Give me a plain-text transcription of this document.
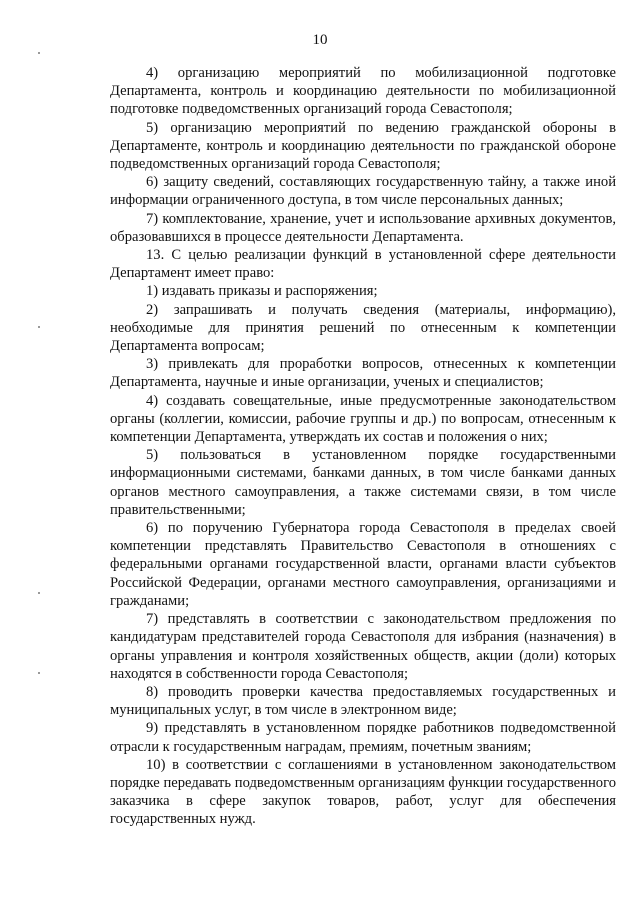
10

4) организацию мероприятий по мобилизационной подготовке Департамента, контроль и координацию деятельности по мобилизационной подготовке подведомственных организаций города Севастополя;

5) организацию мероприятий по ведению гражданской обороны в Департаменте, контроль и координацию деятельности по гражданской обороне подведомственных организаций города Севастополя;

6) защиту сведений, составляющих государственную тайну, а также иной информации ограниченного доступа, в том числе персональных данных;

7) комплектование, хранение, учет и использование архивных документов, образовавшихся в процессе деятельности Департамента.

13. С целью реализации функций в установленной сфере деятельности Департамент имеет право:

1) издавать приказы и распоряжения;

2) запрашивать и получать сведения (материалы, информацию), необходимые для принятия решений по отнесенным к компетенции Департамента вопросам;

3) привлекать для проработки вопросов, отнесенных к компетенции Департамента, научные и иные организации, ученых и специалистов;

4) создавать совещательные, иные предусмотренные законодательством органы (коллегии, комиссии, рабочие группы и др.) по вопросам, отнесенным к компетенции Департамента, утверждать их состав и положения о них;

5) пользоваться в установленном порядке государственными информационными системами, банками данных, в том числе банками данных органов местного самоуправления, а также системами связи, в том числе правительственными;

6) по поручению Губернатора города Севастополя в пределах своей компетенции представлять Правительство Севастополя в отношениях с федеральными органами государственной власти, органами власти субъектов Российской Федерации, органами местного самоуправления, организациями и гражданами;

7) представлять в соответствии с законодательством предложения по кандидатурам представителей города Севастополя для избрания (назначения) в органы управления и контроля хозяйственных обществ, акции (доли) которых находятся в собственности города Севастополя;

8) проводить проверки качества предоставляемых государственных и муниципальных услуг, в том числе в электронном виде;

9) представлять в установленном порядке работников подведомственной отрасли к государственным наградам, премиям, почетным званиям;

10) в соответствии с соглашениями в установленном законодательством порядке передавать подведомственным организациям функции государственного заказчика в сфере закупок товаров, работ, услуг для обеспечения государственных нужд.
